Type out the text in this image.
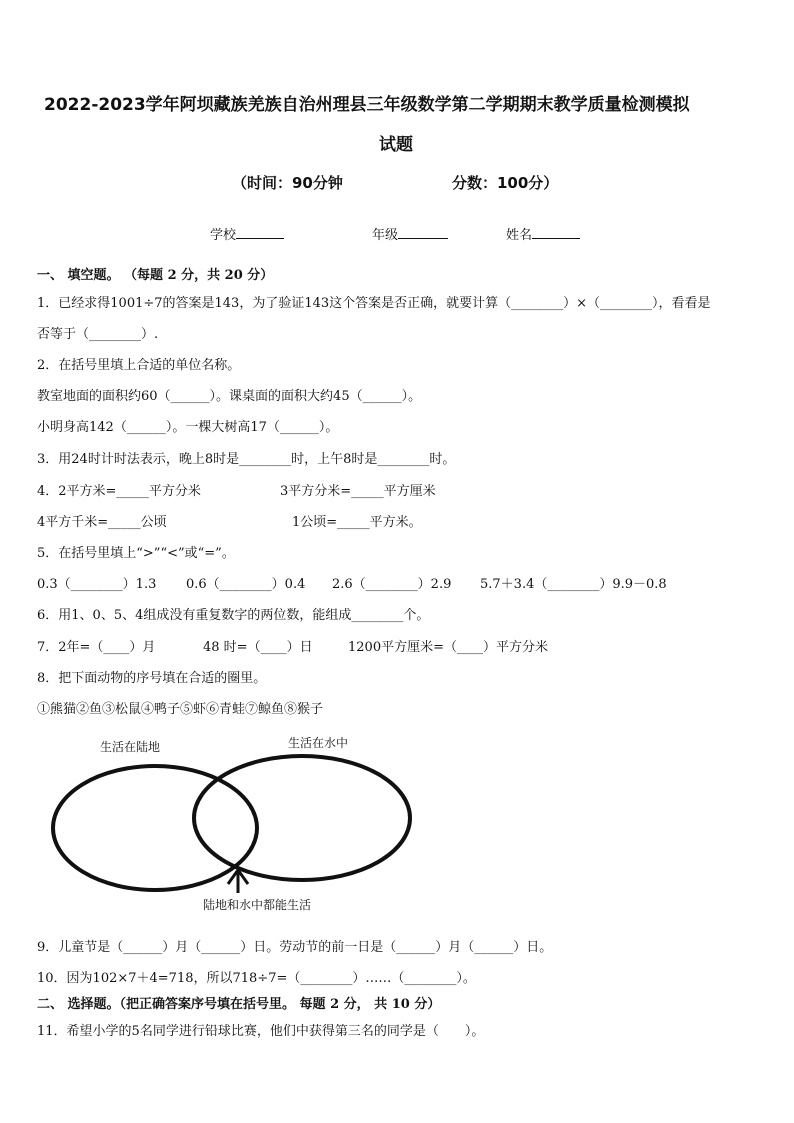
2022-2023学年阿坝藏族羌族自治州理县三年级数学第二学期期末教学质量检测模拟
试题
（时间：90分钟	分数：100分）
学校	年级	姓名
一、 填空题。 （每题 2 分，共 20 分）
1．已经求得1001÷7的答案是143，为了验证143这个答案是否正确，就要计算（________）×（________），看看是
否等于（________）.
2．在括号里填上合适的单位名称。
教室地面的面积约60（______）。课桌面的面积大约45（______）。
小明身高142（______）。一棵大树高17（______）。
3．用24时计时法表示，晚上8时是________时，上午8时是________时。
4．2平方米=_____平方分米	3平方分米=_____平方厘米
4平方千米=_____公顷	1公顷=_____平方米。
5．在括号里填上“>”“<”或“=”。
0.3（________）1.3 0.6（________）0.4 2.6（________）2.9 5.7＋3.4（________）9.9－0.8
6．用1、0、5、4组成没有重复数字的两位数，能组成________个。
7．2年=（____）月	48 时=（____）日	1200平方厘米=（____）平方分米
8．把下面动物的序号填在合适的圈里。
①熊猫②鱼③松鼠④鸭子⑤虾⑥青蛙⑦鲸鱼⑧猴子
生活在陆地	生活在水中
陆地和水中都能生活
9．儿童节是（______）月（______）日。劳动节的前一日是（______）月（______）日。
10．因为102×7＋4=718，所以718÷7=（________）……（________）。
二、 选择题。（把正确答案序号填在括号里。 每题 2 分， 共 10 分）
11．希望小学的5名同学进行铅球比赛，他们中获得第三名的同学是（　　）。
